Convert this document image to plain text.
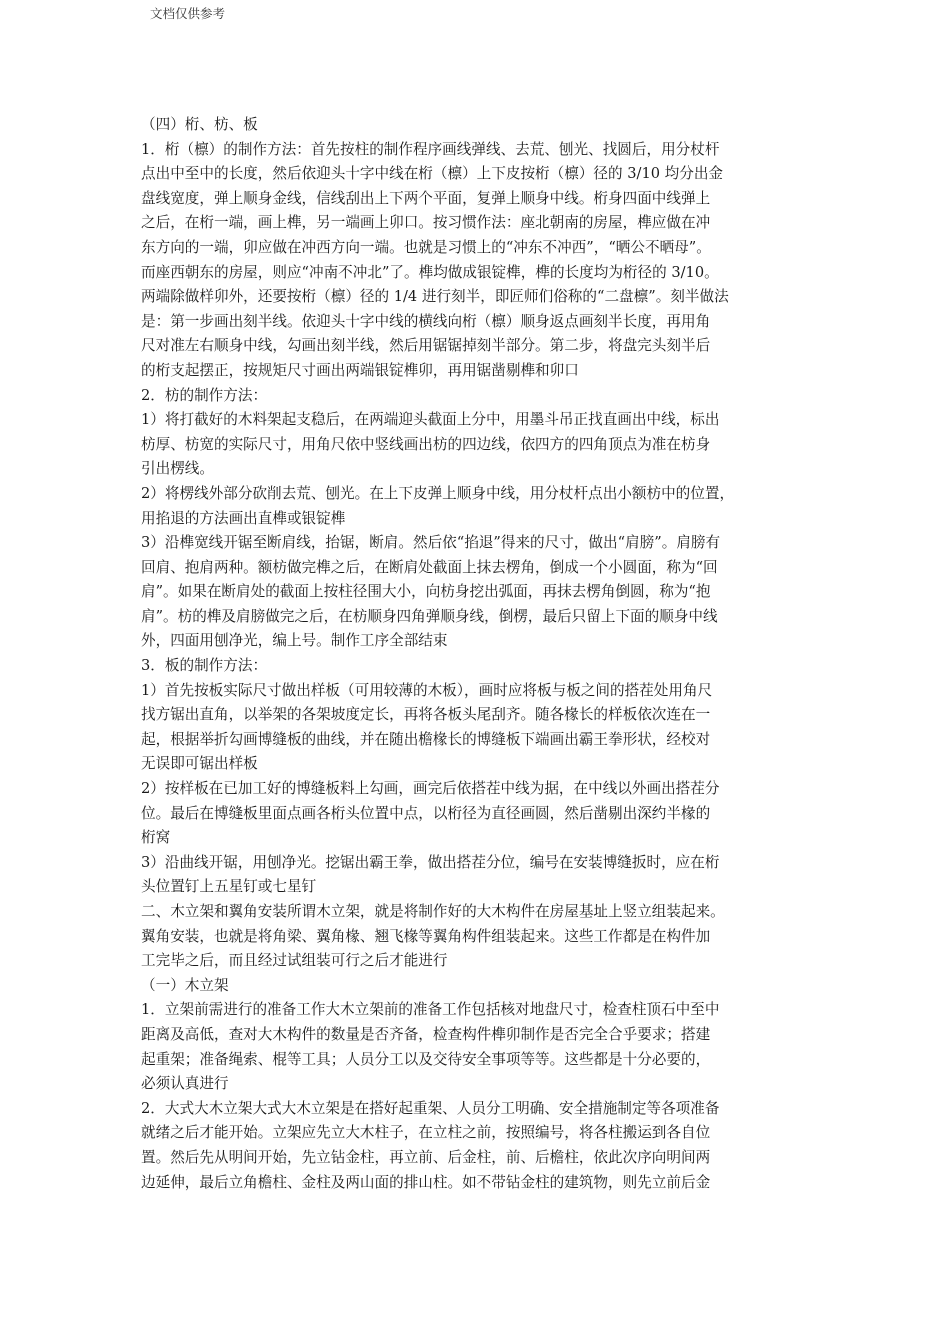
文档仅供参考
（四）桁、枋、板
1．桁（檩）的制作方法：首先按柱的制作程序画线弹线、去荒、刨光、找圆后，用分杖杆
点出中至中的长度，然后依迎头十字中线在桁（檩）上下皮按桁（檩）径的 3/10 均分出金
盘线宽度，弹上顺身金线，信线刮出上下两个平面，复弹上顺身中线。桁身四面中线弹上
之后，在桁一端，画上榫，另一端画上卯口。按习惯作法：座北朝南的房屋，榫应做在冲
东方向的一端，卯应做在冲西方向一端。也就是习惯上的“冲东不冲西”，“晒公不晒母”。
而座西朝东的房屋，则应“冲南不冲北”了。榫均做成银锭榫，榫的长度均为桁径的 3/10。
两端除做样卯外，还要按桁（檩）径的 1/4 进行刻半，即匠师们俗称的“二盘檩”。刻半做法
是：第一步画出刻半线。依迎头十字中线的横线向桁（檩）顺身返点画刻半长度，再用角
尺对准左右顺身中线，勾画出刻半线，然后用锯锯掉刻半部分。第二步，将盘完头刻半后
的桁支起摆正，按规矩尺寸画出两端银锭榫卯，再用锯凿剔榫和卯口
2．枋的制作方法：
1）将打截好的木料架起支稳后，在两端迎头截面上分中，用墨斗吊正找直画出中线，标出
枋厚、枋宽的实际尺寸，用角尺依中竖线画出枋的四边线，依四方的四角顶点为准在枋身
引出楞线。
2）将楞线外部分砍削去荒、刨光。在上下皮弹上顺身中线，用分杖杆点出小额枋中的位置，
用掐退的方法画出直榫或银锭榫
3）沿榫宽线开锯至断肩线，抬锯，断肩。然后依“掐退”得来的尺寸，做出“肩膀”。肩膀有
回肩、抱肩两种。额枋做完榫之后，在断肩处截面上抹去楞角，倒成一个小圆面，称为“回
肩”。如果在断肩处的截面上按柱径围大小，向枋身挖出弧面，再抹去楞角倒圆，称为“抱
肩”。枋的榫及肩膀做完之后，在枋顺身四角弹顺身线，倒楞，最后只留上下面的顺身中线
外，四面用刨净光，编上号。制作工序全部结束
3．板的制作方法：
1）首先按板实际尺寸做出样板（可用较薄的木板），画时应将板与板之间的搭茬处用角尺
找方锯出直角，以举架的各架坡度定长，再将各板头尾刮齐。随各椽长的样板依次连在一
起，根据举折勾画博缝板的曲线，并在随出檐椽长的博缝板下端画出霸王拳形状，经校对
无误即可锯出样板
2）按样板在已加工好的博缝板料上勾画，画完后依搭茬中线为据，在中线以外画出搭茬分
位。最后在博缝板里面点画各桁头位置中点，以桁径为直径画圆，然后凿剔出深约半椽的
桁窝
3）沿曲线开锯，用刨净光。挖锯出霸王拳，做出搭茬分位，编号在安装博缝扳时，应在桁
头位置钉上五星钉或七星钉
二、木立架和翼角安装所谓木立架，就是将制作好的大木构件在房屋基址上竖立组装起来。
翼角安装，也就是将角梁、翼角椽、翘飞椽等翼角构件组装起来。这些工作都是在构件加
工完毕之后，而且经过试组装可行之后才能进行
（一）木立架
1．立架前需进行的准备工作大木立架前的准备工作包括核对地盘尺寸，检查柱顶石中至中
距离及高低，查对大木构件的数量是否齐备，检查构件榫卯制作是否完全合乎要求；搭建
起重架；准备绳索、棍等工具；人员分工以及交待安全事项等等。这些都是十分必要的，
必须认真进行
2．大式大木立架大式大木立架是在搭好起重架、人员分工明确、安全措施制定等各项准备
就绪之后才能开始。立架应先立大木柱子，在立柱之前，按照编号，将各柱搬运到各自位
置。然后先从明间开始，先立钻金柱，再立前、后金柱，前、后檐柱，依此次序向明间两
边延伸，最后立角檐柱、金柱及两山面的排山柱。如不带钻金柱的建筑物，则先立前后金
